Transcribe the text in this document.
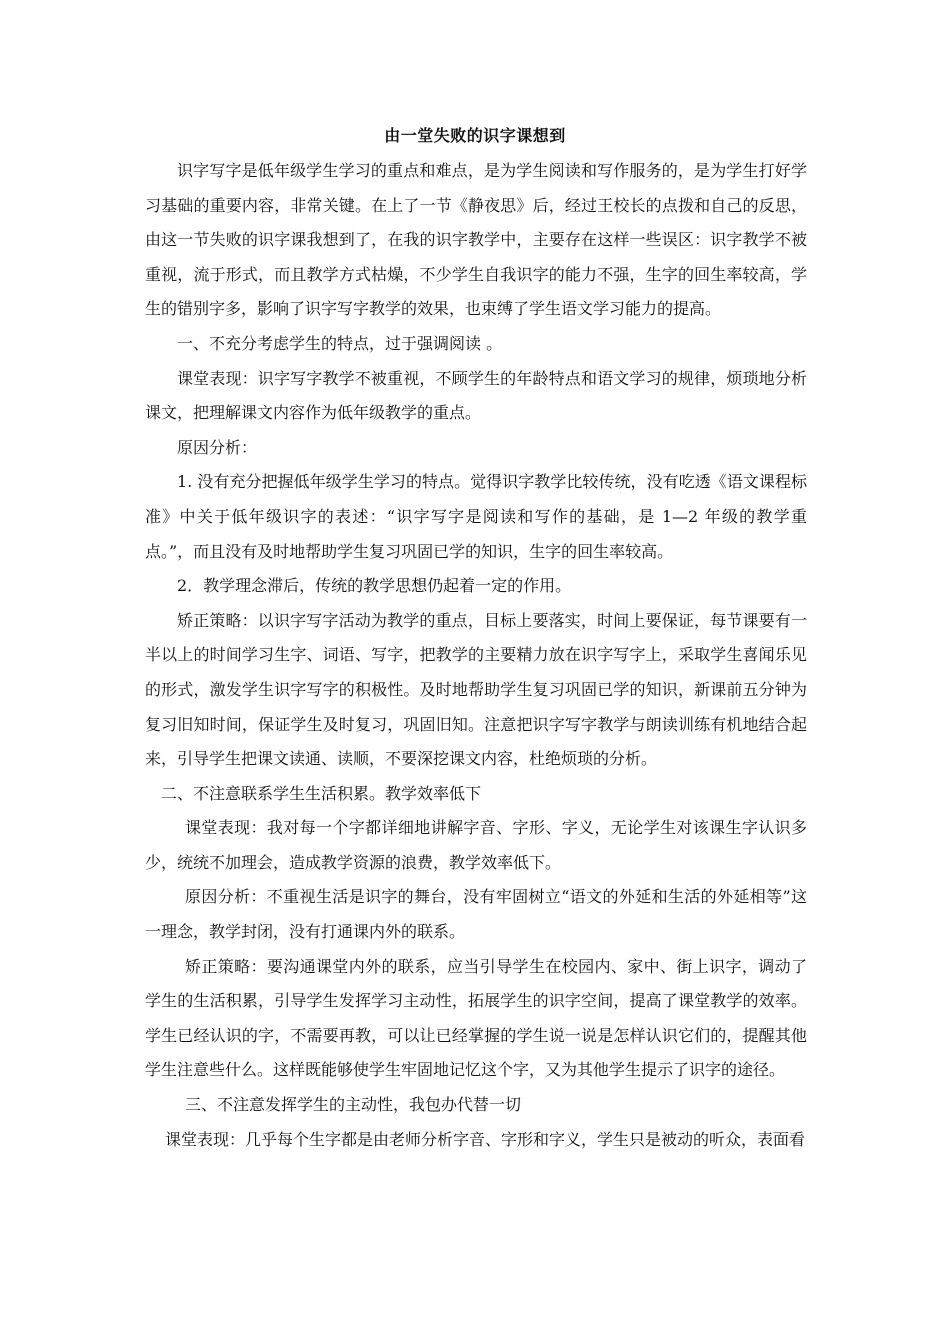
由一堂失败的识字课想到

识字写字是低年级学生学习的重点和难点，是为学生阅读和写作服务的，是为学生打好学习基础的重要内容，非常关键。在上了一节《静夜思》后，经过王校长的点拨和自己的反思，由这一节失败的识字课我想到了，在我的识字教学中，主要存在这样一些误区：识字教学不被重视，流于形式，而且教学方式枯燥，不少学生自我识字的能力不强，生字的回生率较高，学生的错别字多，影响了识字写字教学的效果，也束缚了学生语文学习能力的提高。

一、不充分考虑学生的特点，过于强调阅读 。

课堂表现：识字写字教学不被重视，不顾学生的年龄特点和语文学习的规律，烦琐地分析课文，把理解课文内容作为低年级教学的重点。

原因分析：

1. 没有充分把握低年级学生学习的特点。觉得识字教学比较传统，没有吃透《语文课程标准》中关于低年级识字的表述：“识字写字是阅读和写作的基础，是 1—2 年级的教学重点。”，而且没有及时地帮助学生复习巩固已学的知识，生字的回生率较高。

2．教学理念滞后，传统的教学思想仍起着一定的作用。

矫正策略：以识字写字活动为教学的重点，目标上要落实，时间上要保证，每节课要有一半以上的时间学习生字、词语、写字，把教学的主要精力放在识字写字上，采取学生喜闻乐见的形式，激发学生识字写字的积极性。及时地帮助学生复习巩固已学的知识，新课前五分钟为复习旧知时间，保证学生及时复习，巩固旧知。注意把识字写字教学与朗读训练有机地结合起来，引导学生把课文读通、读顺，不要深挖课文内容，杜绝烦琐的分析。

二、不注意联系学生生活积累。教学效率低下

课堂表现：我对每一个字都详细地讲解字音、字形、字义，无论学生对该课生字认识多少，统统不加理会，造成教学资源的浪费，教学效率低下。

原因分析：不重视生活是识字的舞台，没有牢固树立“语文的外延和生活的外延相等”这一理念，教学封闭，没有打通课内外的联系。

矫正策略：要沟通课堂内外的联系，应当引导学生在校园内、家中、街上识字，调动了学生的生活积累，引导学生发挥学习主动性，拓展学生的识字空间，提高了课堂教学的效率。学生已经认识的字，不需要再教，可以让已经掌握的学生说一说是怎样认识它们的，提醒其他学生注意些什么。这样既能够使学生牢固地记忆这个字，又为其他学生提示了识字的途径。

三、不注意发挥学生的主动性，我包办代替一切

课堂表现：几乎每个生字都是由老师分析字音、字形和字义，学生只是被动的听众，表面看
